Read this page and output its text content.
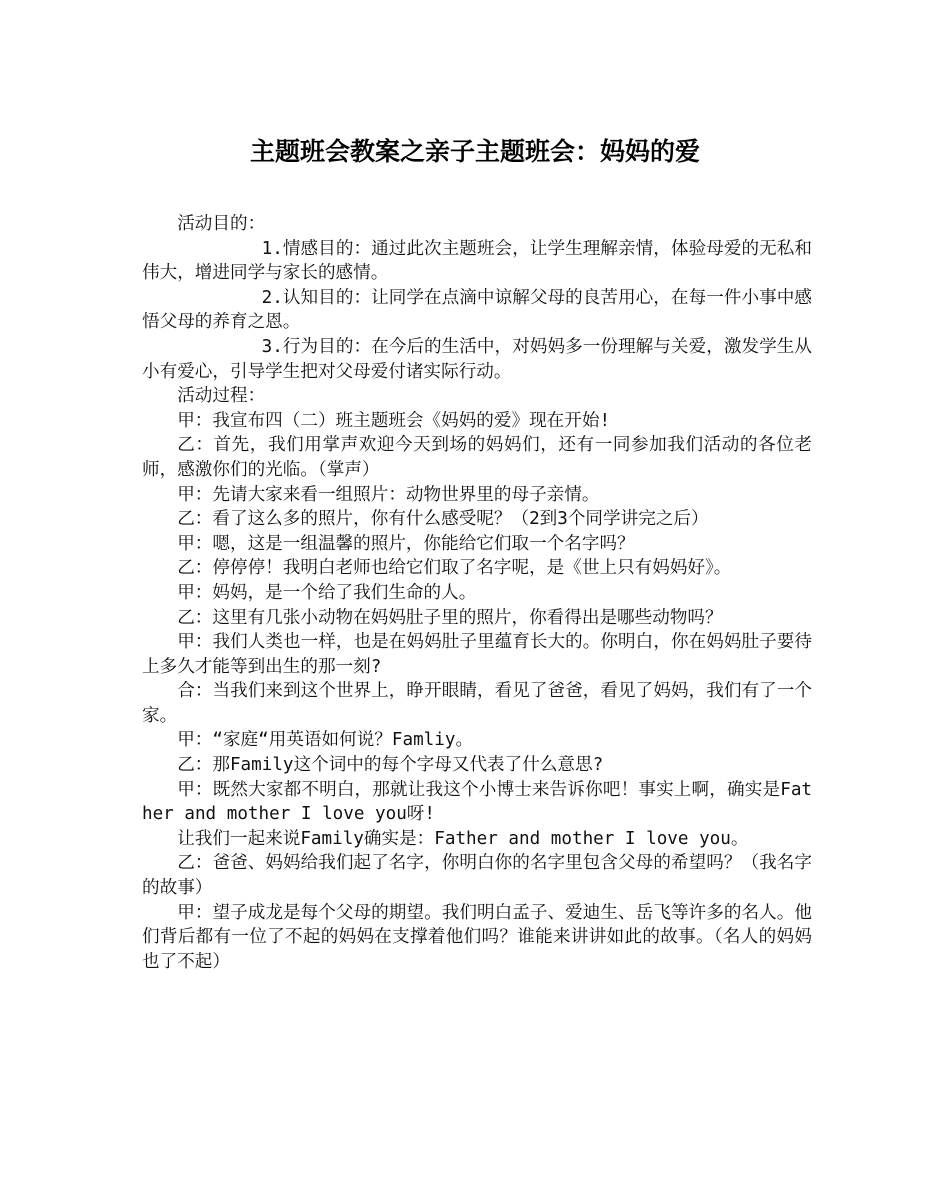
主题班会教案之亲子主题班会：妈妈的爱

活动目的：

1.情感目的：通过此次主题班会，让学生理解亲情，体验母爱的无私和伟大，增进同学与家长的感情。

2.认知目的：让同学在点滴中谅解父母的良苦用心，在每一件小事中感悟父母的养育之恩。

3.行为目的：在今后的生活中，对妈妈多一份理解与关爱，激发学生从小有爱心，引导学生把对父母爱付诸实际行动。

活动过程：

甲：我宣布四（二）班主题班会《妈妈的爱》现在开始!

乙：首先，我们用掌声欢迎今天到场的妈妈们，还有一同参加我们活动的各位老师，感激你们的光临。（掌声）

甲：先请大家来看一组照片：动物世界里的母子亲情。

乙：看了这么多的照片，你有什么感受呢？（2到3个同学讲完之后）

甲：嗯，这是一组温馨的照片，你能给它们取一个名字吗？

乙：停停停！我明白老师也给它们取了名字呢，是《世上只有妈妈好》。

甲：妈妈，是一个给了我们生命的人。

乙：这里有几张小动物在妈妈肚子里的照片，你看得出是哪些动物吗？

甲：我们人类也一样，也是在妈妈肚子里蕴育长大的。你明白，你在妈妈肚子要待上多久才能等到出生的那一刻?

合：当我们来到这个世界上，睁开眼睛，看见了爸爸，看见了妈妈，我们有了一个家。

甲：“家庭“用英语如何说？Famliy。

乙：那Family这个词中的每个字母又代表了什么意思?

甲：既然大家都不明白，那就让我这个小博士来告诉你吧！事实上啊，确实是Father and mother I love you呀!

让我们一起来说Family确实是：Father and mother I love you。

乙：爸爸、妈妈给我们起了名字，你明白你的名字里包含父母的希望吗？（我名字的故事）

甲：望子成龙是每个父母的期望。我们明白孟子、爱迪生、岳飞等许多的名人。他们背后都有一位了不起的妈妈在支撑着他们吗？谁能来讲讲如此的故事。（名人的妈妈也了不起）
